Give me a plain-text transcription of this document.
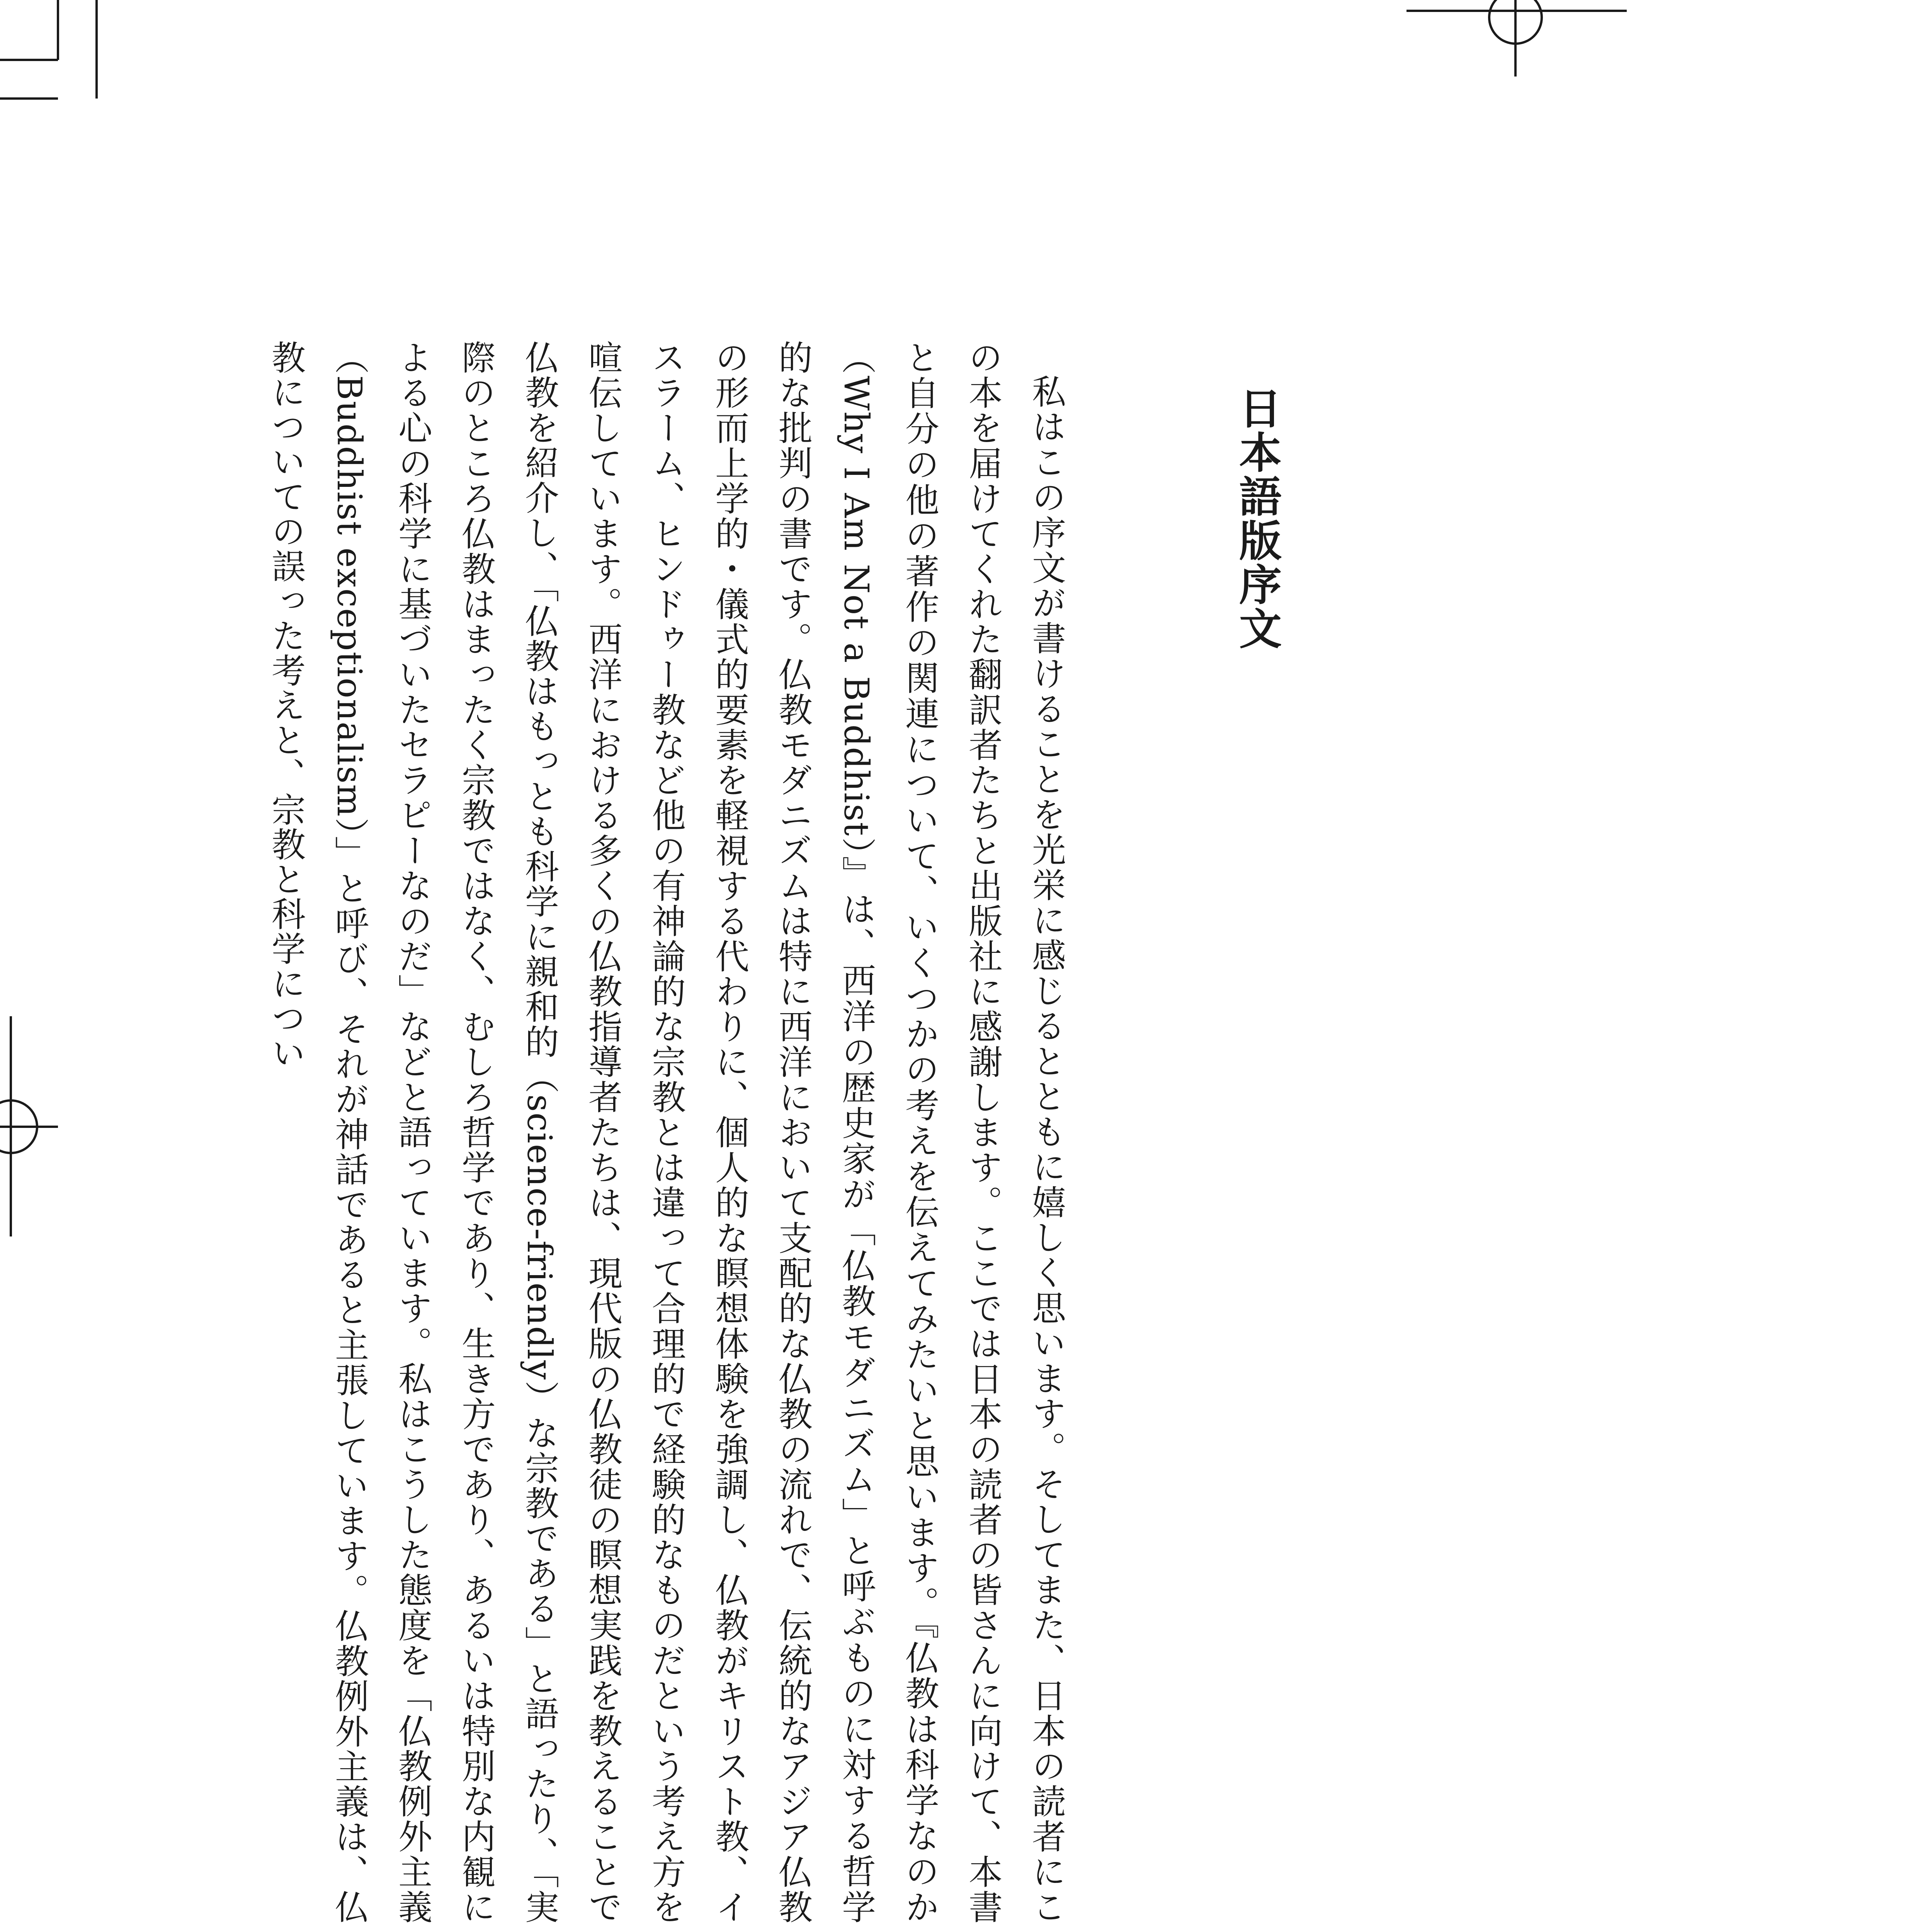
日本語版序文

私はこの序文が書けることを光栄に感じるとともに嬉しく思います。そしてまた、日本の読者にこの本を届けてくれた翻訳者たちと出版社に感謝します。ここでは日本の読者の皆さんに向けて、本書と自分の他の著作の関連について、いくつかの考えを伝えてみたいと思います。『仏教は科学なのか（Why I Am Not a Buddhist）』は、西洋の歴史家が「仏教モダニズム」と呼ぶものに対する哲学的な批判の書です。仏教モダニズムは特に西洋において支配的な仏教の流れで、伝統的なアジア仏教の形而上学的・儀式的要素を軽視する代わりに、個人的な瞑想体験を強調し、仏教がキリスト教、イスラーム、ヒンドゥー教など他の有神論的な宗教とは違って合理的で経験的なものだという考え方を喧伝しています。西洋における多くの仏教指導者たちは、現代版の仏教徒の瞑想実践を教えることで仏教を紹介し、「仏教はもっとも科学に親和的（science-friendly）な宗教である」と語ったり、「実際のところ仏教はまったく宗教ではなく、むしろ哲学であり、生き方であり、あるいは特別な内観による心の科学に基づいたセラピーなのだ」などと語っています。私はこうした態度を「仏教例外主義（Buddhist exceptionalism）」と呼び、それが神話であると主張しています。仏教例外主義は、仏教についての誤った考えと、宗教と科学につい
